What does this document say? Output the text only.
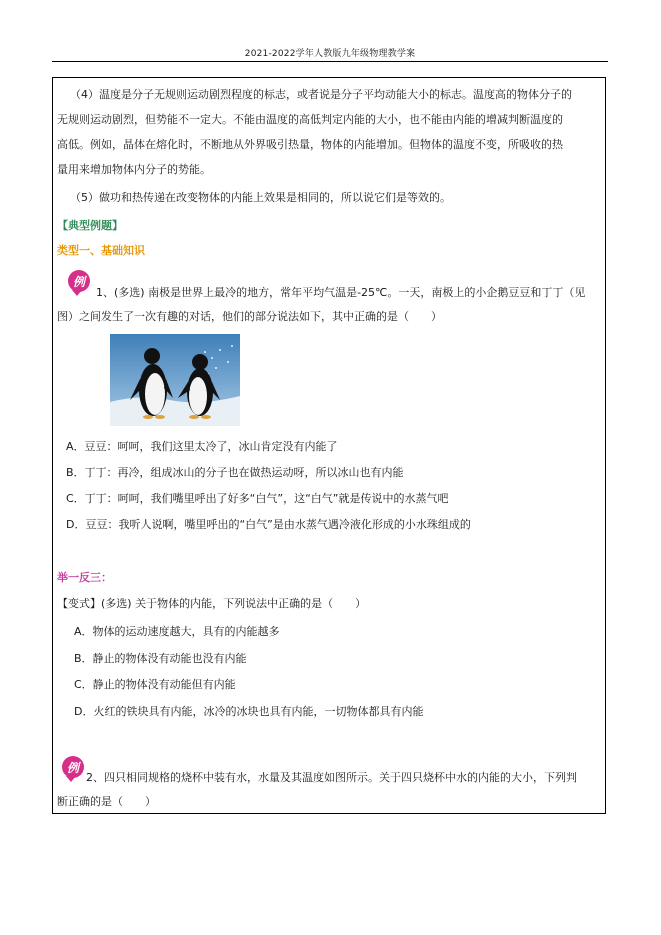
2021-2022学年人教版九年级物理教学案
（4）温度是分子无规则运动剧烈程度的标志，或者说是分子平均动能大小的标志。温度高的物体分子的
无规则运动剧烈，但势能不一定大。不能由温度的高低判定内能的大小，也不能由内能的增减判断温度的
高低。例如，晶体在熔化时，不断地从外界吸引热量，物体的内能增加。但物体的温度不变，所吸收的热
量用来增加物体内分子的势能。
（5）做功和热传递在改变物体的内能上效果是相同的，所以说它们是等效的。
【典型例题】
类型一、基础知识
例
1、(多选) 南极是世界上最冷的地方，常年平均气温是-25℃。一天，南极上的小企鹅豆豆和丁丁（见
图）之间发生了一次有趣的对话，他们的部分说法如下，其中正确的是（　　）
A．豆豆：呵呵，我们这里太冷了，冰山肯定没有内能了
B．丁丁：再冷，组成冰山的分子也在做热运动呀，所以冰山也有内能
C．丁丁：呵呵，我们嘴里呼出了好多“白气”，这“白气”就是传说中的水蒸气吧
D．豆豆：我听人说啊，嘴里呼出的“白气”是由水蒸气遇冷液化形成的小水珠组成的
举一反三：
【变式】(多选) 关于物体的内能，下列说法中正确的是（　　）
A．物体的运动速度越大，具有的内能越多
B．静止的物体没有动能也没有内能
C．静止的物体没有动能但有内能
D．火红的铁块具有内能，冰冷的冰块也具有内能，一切物体都具有内能
例
2、四只相同规格的烧杯中装有水，水量及其温度如图所示。关于四只烧杯中水的内能的大小，下列判
断正确的是（　　）
